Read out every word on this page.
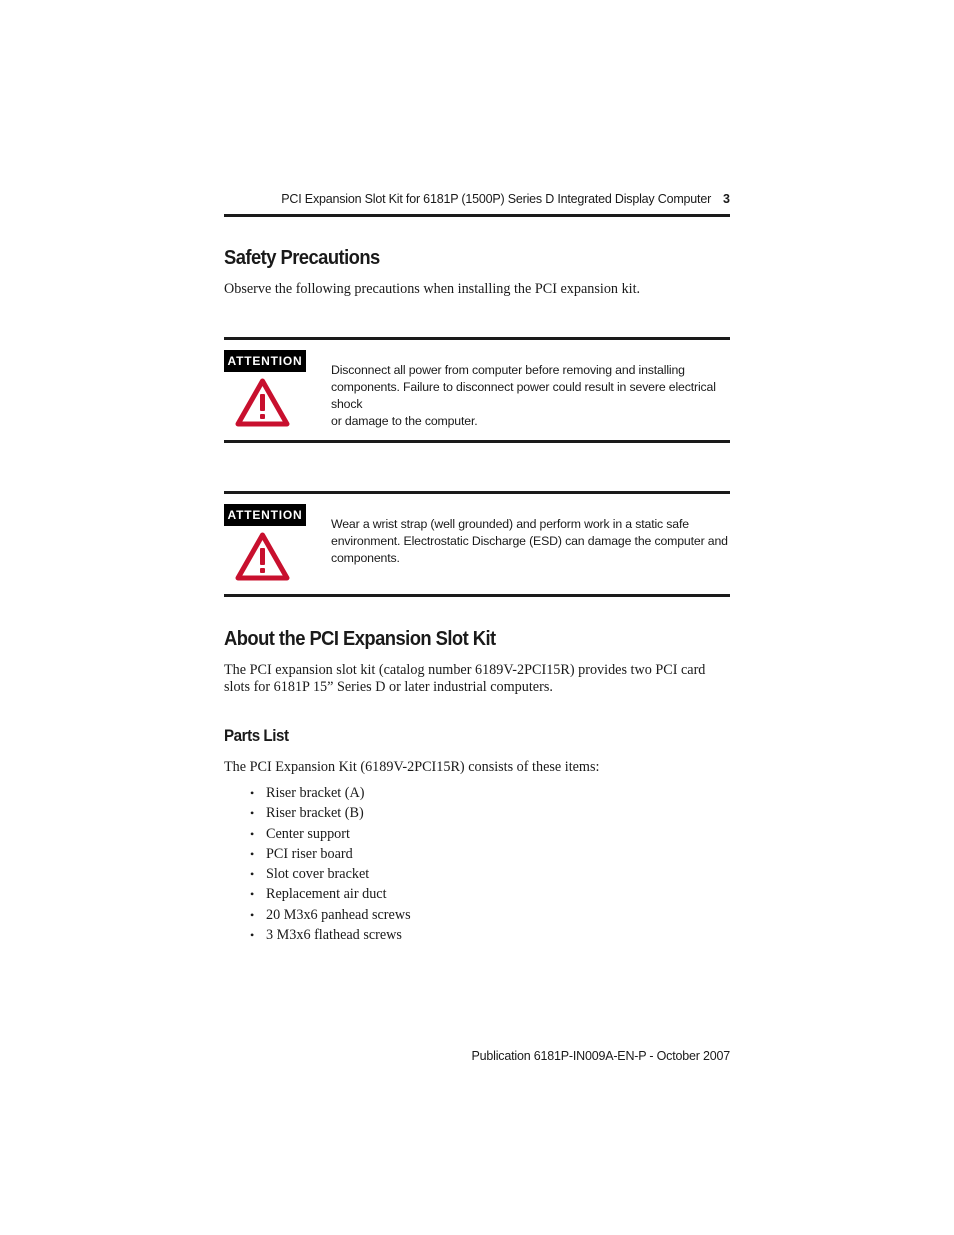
PCI Expansion Slot Kit for 6181P (1500P) Series D Integrated Display Computer 3
Safety Precautions

Observe the following precautions when installing the PCI expansion kit.

ATTENTION
Disconnect all power from computer before removing and installing
components. Failure to disconnect power could result in severe electrical shock
or damage to the computer.
ATTENTION
Wear a wrist strap (well grounded) and perform work in a static safe
environment. Electrostatic Discharge (ESD) can damage the computer and
components.
About the PCI Expansion Slot Kit

The PCI expansion slot kit (catalog number 6189V-2PCI15R) provides two PCI card

slots for 6181P 15” Series D or later industrial computers.

Parts List

The PCI Expansion Kit (6189V-2PCI15R) consists of these items:

• Riser bracket (A)
• Riser bracket (B)
• Center support
• PCI riser board
• Slot cover bracket
• Replacement air duct
• 20 M3x6 panhead screws
• 3 M3x6 flathead screws
Publication 6181P-IN009A-EN-P - October 2007
